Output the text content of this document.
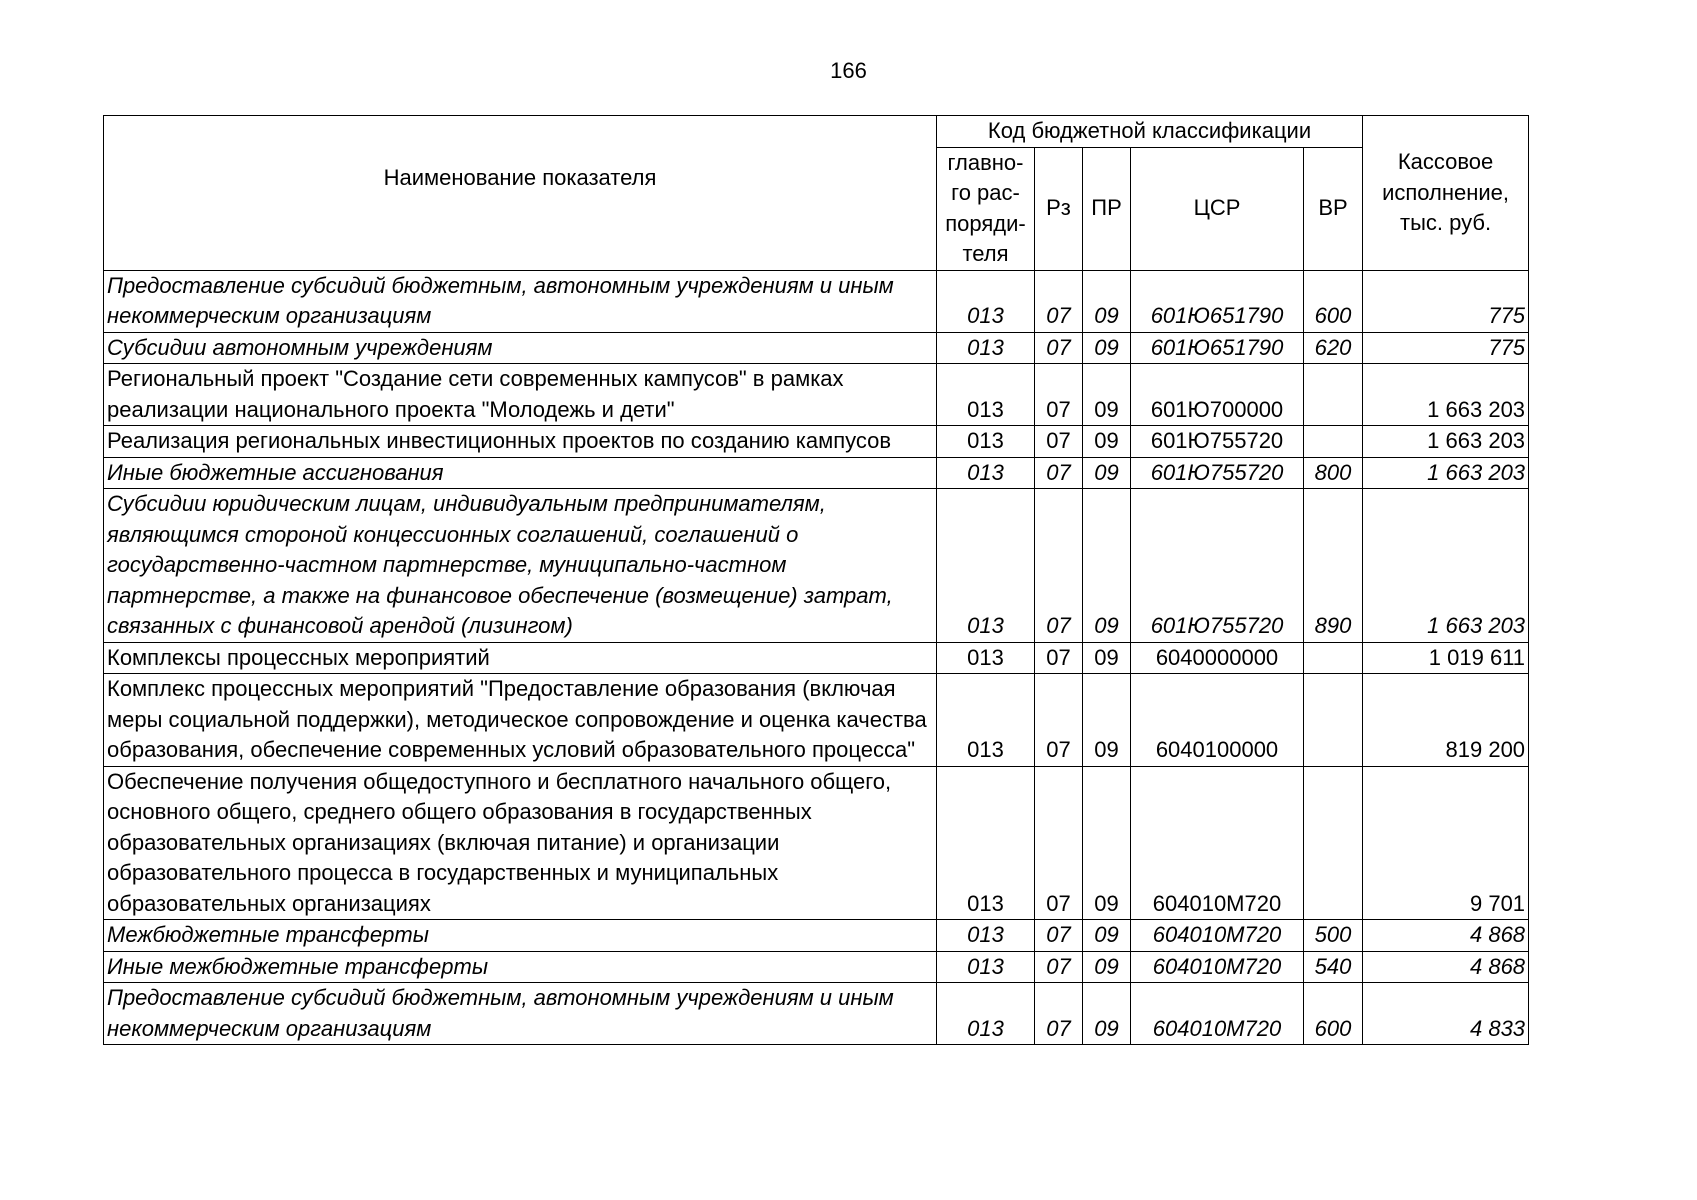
166
Наименование показателя	Код бюджетной классификации					Кассовое исполнение, тыс. руб.
	главно-
го рас-
поряди-
теля	Рз	ПР	ЦСР	ВР	
Предоставление субсидий бюджетным, автономным учреждениям и иным некоммерческим организациям	013	07	09	601Ю651790	600	775
Субсидии автономным учреждениям	013	07	09	601Ю651790	620	775
Региональный проект "Создание сети современных кампусов" в рамках реализации национального проекта "Молодежь и дети"	013	07	09	601Ю700000		1 663 203
Реализация региональных инвестиционных проектов по созданию кампусов	013	07	09	601Ю755720		1 663 203
Иные бюджетные ассигнования	013	07	09	601Ю755720	800	1 663 203
Субсидии юридическим лицам, индивидуальным предпринимателям, являющимся стороной концессионных соглашений, соглашений о государственно-частном партнерстве, муниципально-частном партнерстве, а также на финансовое обеспечение (возмещение) затрат, связанных с финансовой арендой (лизингом)	013	07	09	601Ю755720	890	1 663 203
Комплексы процессных мероприятий	013	07	09	6040000000		1 019 611
Комплекс процессных мероприятий "Предоставление образования (включая меры социальной поддержки), методическое сопровождение и оценка качества образования, обеспечение современных условий образовательного процесса"	013	07	09	6040100000		819 200
Обеспечение получения общедоступного и бесплатного начального общего, основного общего, среднего общего образования в государственных образовательных организациях (включая питание) и организации образовательного процесса в государственных и муниципальных образовательных организациях	013	07	09	604010М720		9 701
Межбюджетные трансферты	013	07	09	604010М720	500	4 868
Иные межбюджетные трансферты	013	07	09	604010М720	540	4 868
Предоставление субсидий бюджетным, автономным учреждениям и иным некоммерческим организациям	013	07	09	604010М720	600	4 833
